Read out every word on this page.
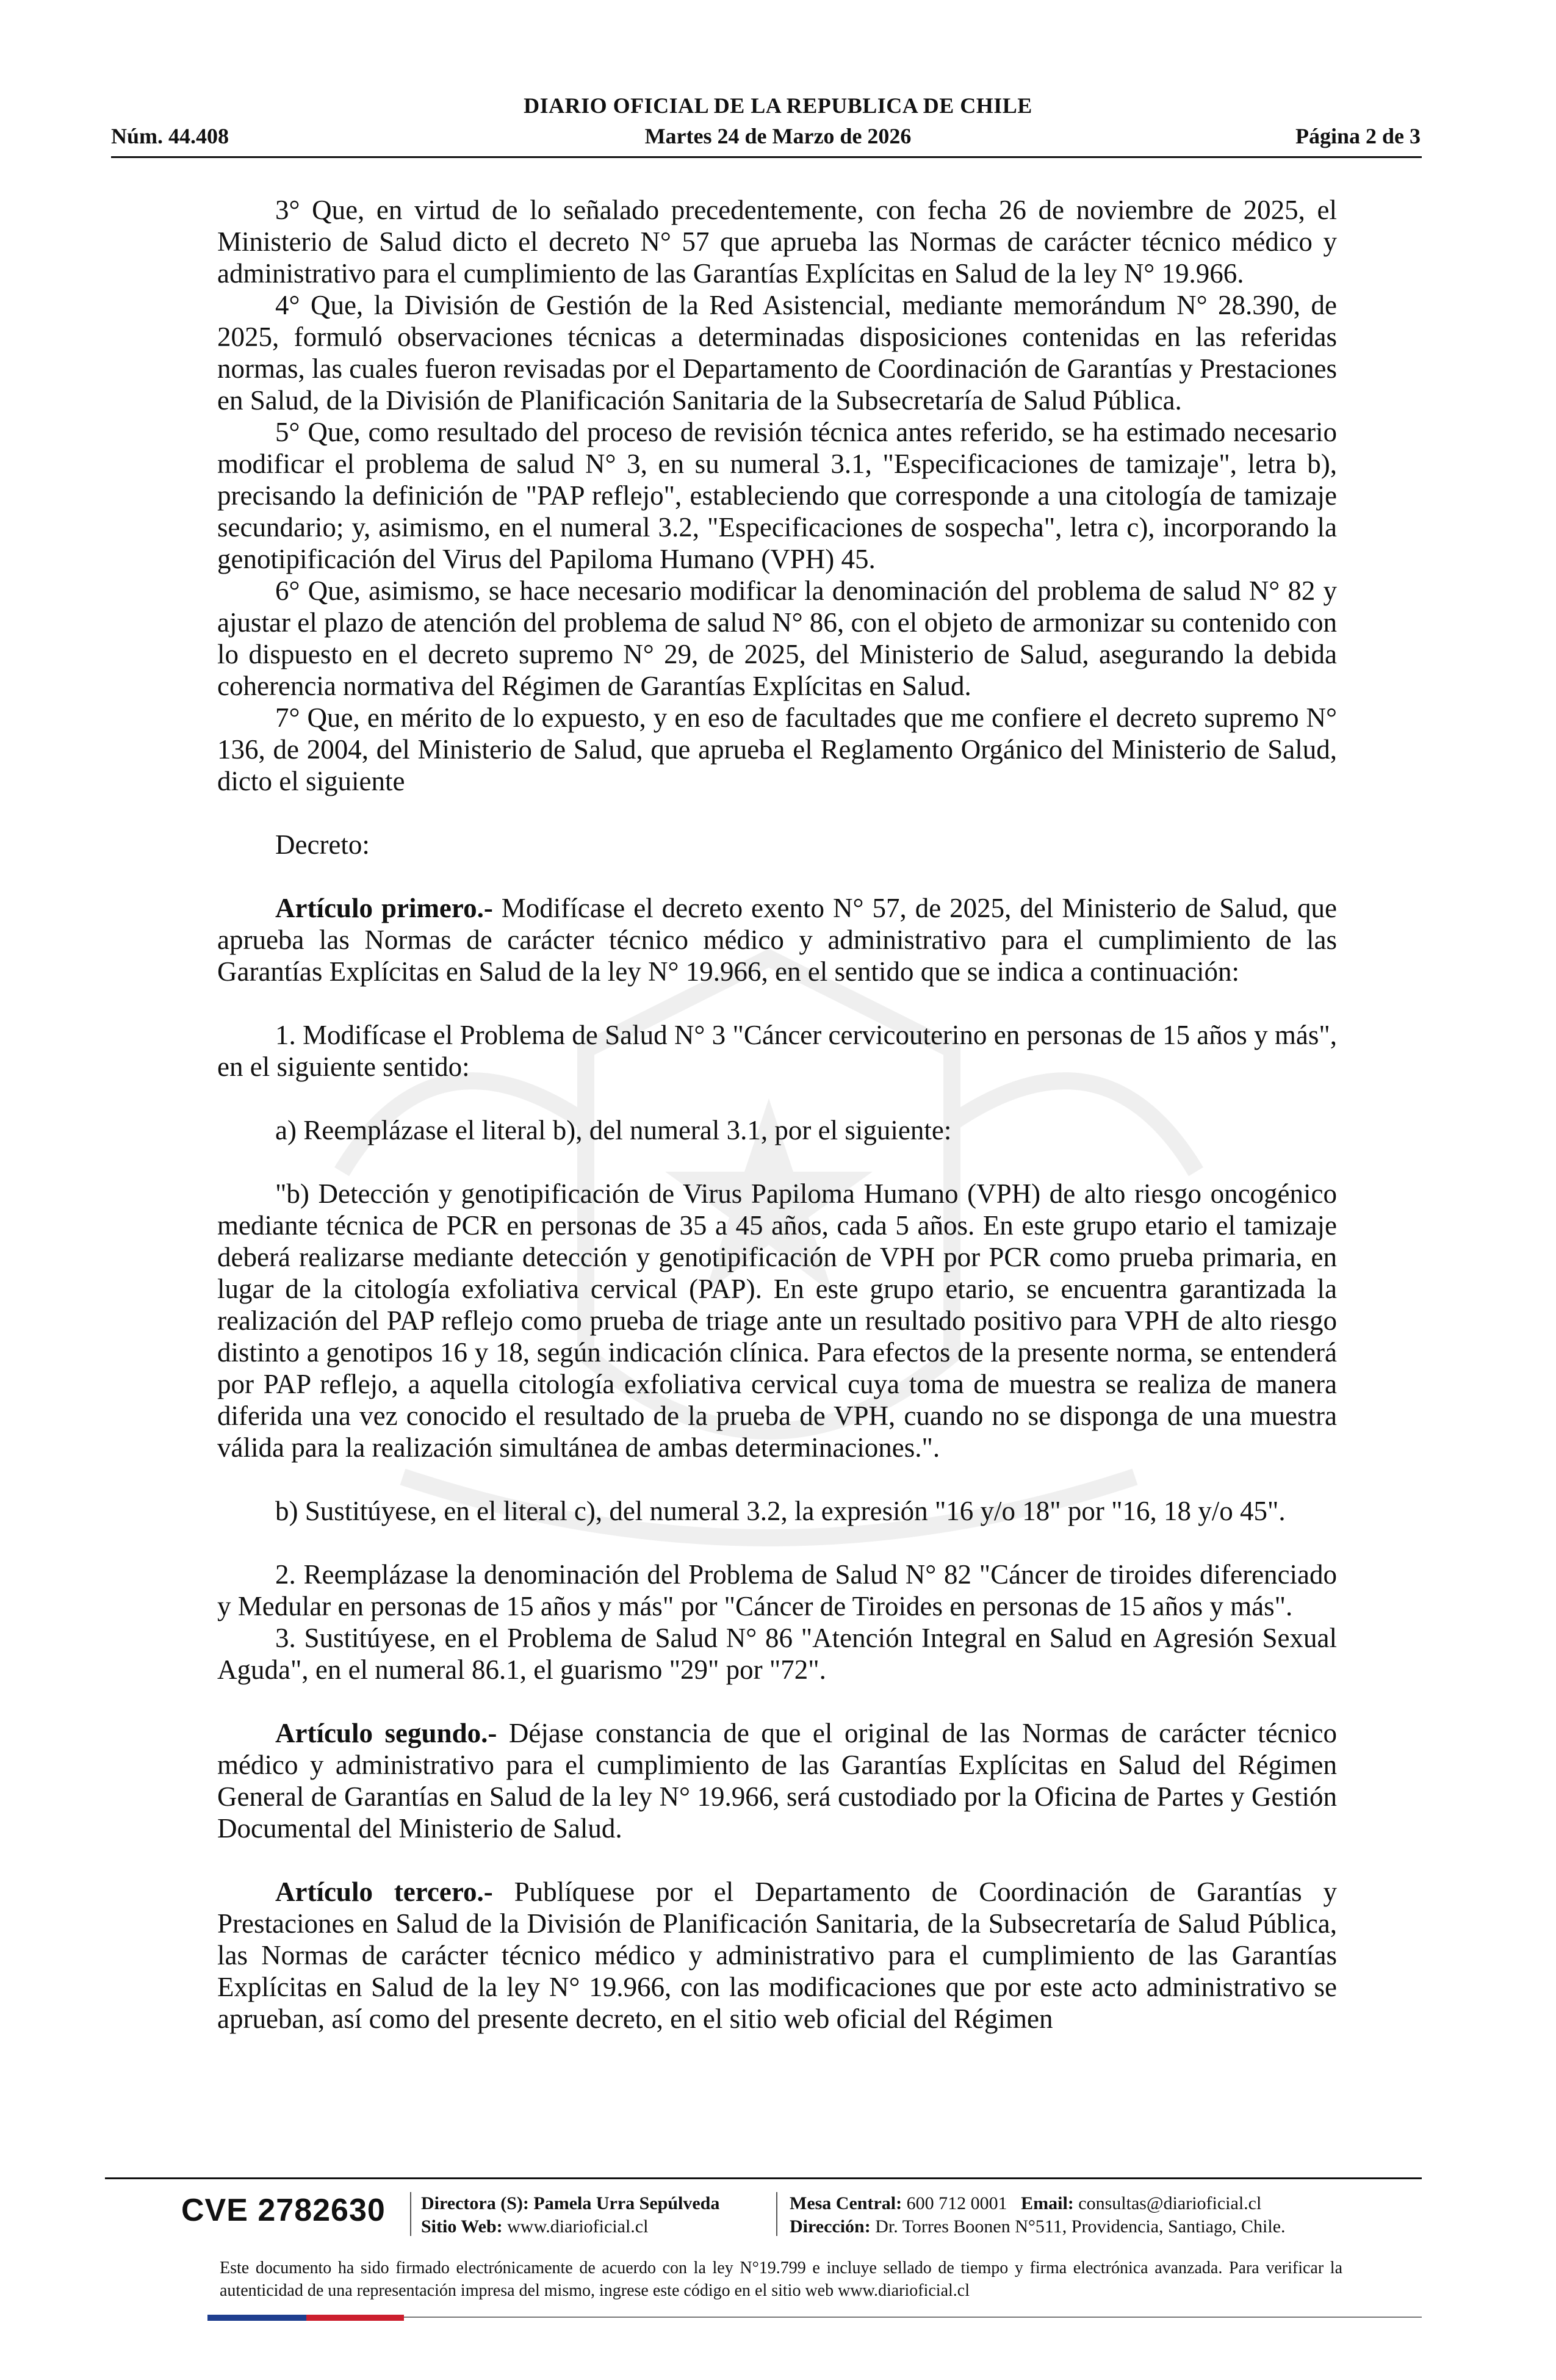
DIARIO OFICIAL DE LA REPUBLICA DE CHILE
Núm. 44.408	Martes 24 de Marzo de 2026	Página 2 de 3

3° Que, en virtud de lo señalado precedentemente, con fecha 26 de noviembre de 2025, el Ministerio de Salud dicto el decreto N° 57 que aprueba las Normas de carácter técnico médico y administrativo para el cumplimiento de las Garantías Explícitas en Salud de la ley N° 19.966.

4° Que, la División de Gestión de la Red Asistencial, mediante memorándum N° 28.390, de 2025, formuló observaciones técnicas a determinadas disposiciones contenidas en las referidas normas, las cuales fueron revisadas por el Departamento de Coordinación de Garantías y Prestaciones en Salud, de la División de Planificación Sanitaria de la Subsecretaría de Salud Pública.

5° Que, como resultado del proceso de revisión técnica antes referido, se ha estimado necesario modificar el problema de salud N° 3, en su numeral 3.1, "Especificaciones de tamizaje", letra b), precisando la definición de "PAP reflejo", estableciendo que corresponde a una citología de tamizaje secundario; y, asimismo, en el numeral 3.2, "Especificaciones de sospecha", letra c), incorporando la genotipificación del Virus del Papiloma Humano (VPH) 45.

6° Que, asimismo, se hace necesario modificar la denominación del problema de salud N° 82 y ajustar el plazo de atención del problema de salud N° 86, con el objeto de armonizar su contenido con lo dispuesto en el decreto supremo N° 29, de 2025, del Ministerio de Salud, asegurando la debida coherencia normativa del Régimen de Garantías Explícitas en Salud.

7° Que, en mérito de lo expuesto, y en eso de facultades que me confiere el decreto supremo N° 136, de 2004, del Ministerio de Salud, que aprueba el Reglamento Orgánico del Ministerio de Salud, dicto el siguiente

Decreto:

Artículo primero.- Modifícase el decreto exento N° 57, de 2025, del Ministerio de Salud, que aprueba las Normas de carácter técnico médico y administrativo para el cumplimiento de las Garantías Explícitas en Salud de la ley N° 19.966, en el sentido que se indica a continuación:

1. Modifícase el Problema de Salud N° 3 "Cáncer cervicouterino en personas de 15 años y más", en el siguiente sentido:

a) Reemplázase el literal b), del numeral 3.1, por el siguiente:

"b) Detección y genotipificación de Virus Papiloma Humano (VPH) de alto riesgo oncogénico mediante técnica de PCR en personas de 35 a 45 años, cada 5 años. En este grupo etario el tamizaje deberá realizarse mediante detección y genotipificación de VPH por PCR como prueba primaria, en lugar de la citología exfoliativa cervical (PAP). En este grupo etario, se encuentra garantizada la realización del PAP reflejo como prueba de triage ante un resultado positivo para VPH de alto riesgo distinto a genotipos 16 y 18, según indicación clínica. Para efectos de la presente norma, se entenderá por PAP reflejo, a aquella citología exfoliativa cervical cuya toma de muestra se realiza de manera diferida una vez conocido el resultado de la prueba de VPH, cuando no se disponga de una muestra válida para la realización simultánea de ambas determinaciones.".

b) Sustitúyese, en el literal c), del numeral 3.2, la expresión "16 y/o 18" por "16, 18 y/o 45".

2. Reemplázase la denominación del Problema de Salud N° 82 "Cáncer de tiroides diferenciado y Medular en personas de 15 años y más" por "Cáncer de Tiroides en personas de 15 años y más".

3. Sustitúyese, en el Problema de Salud N° 86 "Atención Integral en Salud en Agresión Sexual Aguda", en el numeral 86.1, el guarismo "29" por "72".

Artículo segundo.- Déjase constancia de que el original de las Normas de carácter técnico médico y administrativo para el cumplimiento de las Garantías Explícitas en Salud del Régimen General de Garantías en Salud de la ley N° 19.966, será custodiado por la Oficina de Partes y Gestión Documental del Ministerio de Salud.

Artículo tercero.- Publíquese por el Departamento de Coordinación de Garantías y Prestaciones en Salud de la División de Planificación Sanitaria, de la Subsecretaría de Salud Pública, las Normas de carácter técnico médico y administrativo para el cumplimiento de las Garantías Explícitas en Salud de la ley N° 19.966, con las modificaciones que por este acto administrativo se aprueban, así como del presente decreto, en el sitio web oficial del Régimen

CVE 2782630 Directora (S): Pamela Urra Sepúlveda
Sitio Web: www.diarioficial.cl
Mesa Central: 600 712 0001 Email: consultas@diarioficial.cl
Dirección: Dr. Torres Boonen N°511, Providencia, Santiago, Chile.
Este documento ha sido firmado electrónicamente de acuerdo con la ley N°19.799 e incluye sellado de tiempo y firma electrónica avanzada. Para verificar la autenticidad de una representación impresa del mismo, ingrese este código en el sitio web www.diarioficial.cl
